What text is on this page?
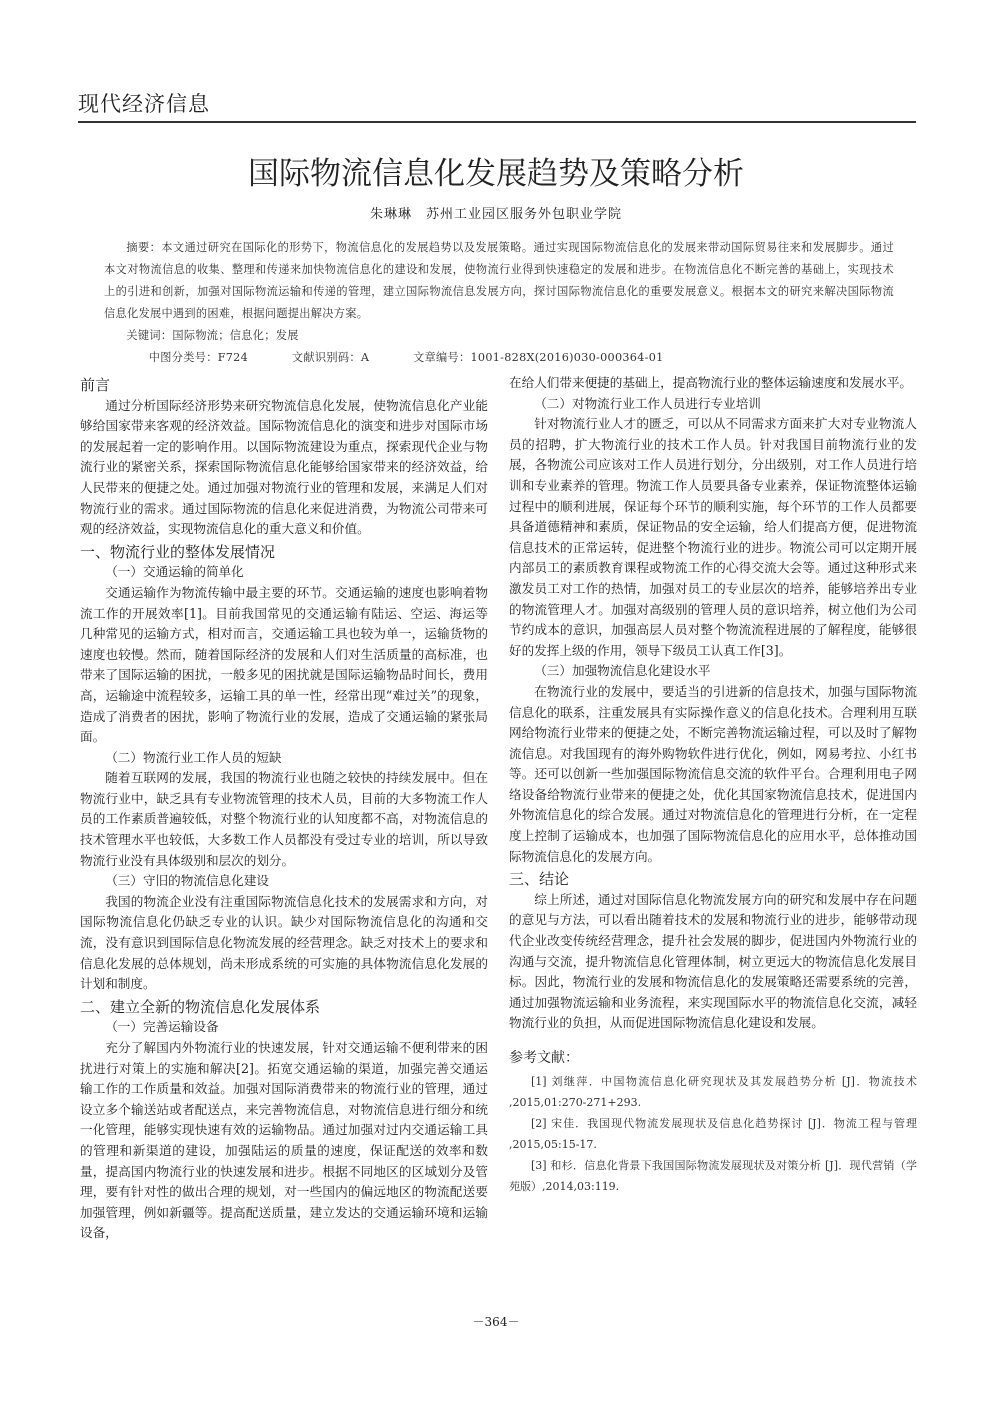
现代经济信息
国际物流信息化发展趋势及策略分析
朱琳琳　苏州工业园区服务外包职业学院

摘要：本文通过研究在国际化的形势下，物流信息化的发展趋势以及发展策略。通过实现国际物流信息化的发展来带动国际贸易往来和发展脚步。通过本文对物流信息的收集、整理和传递来加快物流信息化的建设和发展，使物流行业得到快速稳定的发展和进步。在物流信息化不断完善的基础上，实现技术上的引进和创新，加强对国际物流运输和传递的管理，建立国际物流信息发展方向，探讨国际物流信息化的重要发展意义。根据本文的研究来解决国际物流信息化发展中遇到的困难，根据问题提出解决方案。

关键词：国际物流；信息化；发展

中图分类号：F724	文献识别码：A	文章编号：1001-828X(2016)030-000364-01

前言

通过分析国际经济形势来研究物流信息化发展，使物流信息化产业能够给国家带来客观的经济效益。国际物流信息化的演变和进步对国际市场的发展起着一定的影响作用。以国际物流建设为重点，探索现代企业与物流行业的紧密关系，探索国际物流信息化能够给国家带来的经济效益，给人民带来的便捷之处。通过加强对物流行业的管理和发展，来满足人们对物流行业的需求。通过国际物流的信息化来促进消费，为物流公司带来可观的经济效益，实现物流信息化的重大意义和价值。

一、物流行业的整体发展情况
（一）交通运输的简单化

交通运输作为物流传输中最主要的环节。交通运输的速度也影响着物流工作的开展效率[1]。目前我国常见的交通运输有陆运、空运、海运等几种常见的运输方式，相对而言，交通运输工具也较为单一，运输货物的速度也较慢。然而，随着国际经济的发展和人们对生活质量的高标准，也带来了国际运输的困扰，一般多见的困扰就是国际运输物品时间长，费用高，运输途中流程较多，运输工具的单一性，经常出现“难过关”的现象，造成了消费者的困扰，影响了物流行业的发展，造成了交通运输的紧张局面。

（二）物流行业工作人员的短缺

随着互联网的发展，我国的物流行业也随之较快的持续发展中。但在物流行业中，缺乏具有专业物流管理的技术人员，目前的大多物流工作人员的工作素质普遍较低，对整个物流行业的认知度都不高，对物流信息的技术管理水平也较低，大多数工作人员都没有受过专业的培训，所以导致物流行业没有具体级别和层次的划分。

（三）守旧的物流信息化建设

我国的物流企业没有注重国际物流信息化技术的发展需求和方向，对国际物流信息化仍缺乏专业的认识。缺少对国际物流信息化的沟通和交流，没有意识到国际信息化物流发展的经营理念。缺乏对技术上的要求和信息化发展的总体规划，尚未形成系统的可实施的具体物流信息化发展的计划和制度。

二、建立全新的物流信息化发展体系
（一）完善运输设备

充分了解国内外物流行业的快速发展，针对交通运输不便利带来的困扰进行对策上的实施和解决[2]。拓宽交通运输的渠道，加强完善交通运输工作的工作质量和效益。加强对国际消费带来的物流行业的管理，通过设立多个输送站或者配送点，来完善物流信息，对物流信息进行细分和统一化管理，能够实现快速有效的运输物品。通过加强对过内交通运输工具的管理和新渠道的建设，加强陆运的质量的速度，保证配送的效率和数量，提高国内物流行业的快速发展和进步。根据不同地区的区域划分及管理，要有针对性的做出合理的规划，对一些国内的偏远地区的物流配送要加强管理，例如新疆等。提高配送质量，建立发达的交通运输环境和运输设备，

在给人们带来便捷的基础上，提高物流行业的整体运输速度和发展水平。

（二）对物流行业工作人员进行专业培训

针对物流行业人才的匮乏，可以从不同需求方面来扩大对专业物流人员的招聘，扩大物流行业的技术工作人员。针对我国目前物流行业的发展，各物流公司应该对工作人员进行划分，分出级别，对工作人员进行培训和专业素养的管理。物流工作人员要具备专业素养，保证物流整体运输过程中的顺利进展，保证每个环节的顺利实施，每个环节的工作人员都要具备道德精神和素质，保证物品的安全运输，给人们提高方便，促进物流信息技术的正常运转，促进整个物流行业的进步。物流公司可以定期开展内部员工的素质教育课程或物流工作的心得交流大会等。通过这种形式来激发员工对工作的热情，加强对员工的专业层次的培养，能够培养出专业的物流管理人才。加强对高级别的管理人员的意识培养，树立他们为公司节约成本的意识，加强高层人员对整个物流流程进展的了解程度，能够很好的发挥上级的作用，领导下级员工认真工作[3]。

（三）加强物流信息化建设水平

在物流行业的发展中，要适当的引进新的信息技术，加强与国际物流信息化的联系，注重发展具有实际操作意义的信息化技术。合理利用互联网给物流行业带来的便捷之处，不断完善物流运输过程，可以及时了解物流信息。对我国现有的海外购物软件进行优化，例如，网易考拉、小红书等。还可以创新一些加强国际物流信息交流的软件平台。合理利用电子网络设备给物流行业带来的便捷之处，优化其国家物流信息技术，促进国内外物流信息化的综合发展。通过对物流信息化的管理进行分析，在一定程度上控制了运输成本，也加强了国际物流信息化的应用水平，总体推动国际物流信息化的发展方向。

三、结论

综上所述，通过对国际信息化物流发展方向的研究和发展中存在问题的意见与方法，可以看出随着技术的发展和物流行业的进步，能够带动现代企业改变传统经营理念，提升社会发展的脚步，促进国内外物流行业的沟通与交流，提升物流信息化管理体制，树立更远大的物流信息化发展目标。因此，物流行业的发展和物流信息化的发展策略还需要系统的完善，通过加强物流运输和业务流程，来实现国际水平的物流信息化交流，减轻物流行业的负担，从而促进国际物流信息化建设和发展。

参考文献：

[1] 刘继萍．中国物流信息化研究现状及其发展趋势分析 [J]．物流技术 ,2015,01:270-271+293.

[2] 宋佳．我国现代物流发展现状及信息化趋势探讨 [J]．物流工程与管理 ,2015,05:15-17.

[3] 和杉．信息化背景下我国国际物流发展现状及对策分析 [J]．现代营销（学苑版）,2014,03:119.

－364－
